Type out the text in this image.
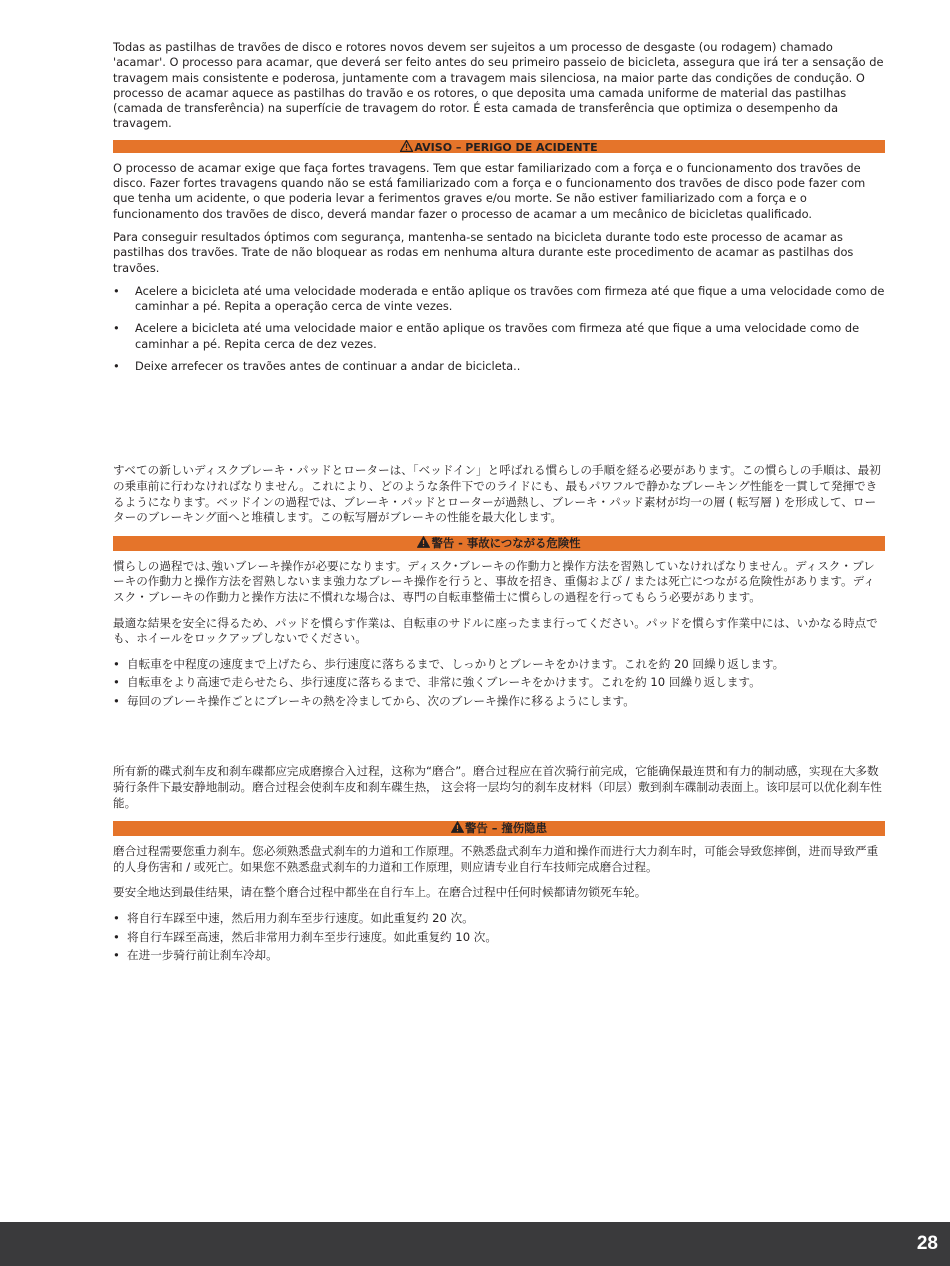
Todas as pastilhas de travões de disco e rotores novos devem ser sujeitos a um processo de desgaste (ou rodagem) chamado 'acamar'. O processo para acamar, que deverá ser feito antes do seu primeiro passeio de bicicleta, assegura que irá ter a sensação de travagem mais consistente e poderosa, juntamente com a travagem mais silenciosa, na maior parte das condições de condução. O processo de acamar aquece as pastilhas do travão e os rotores, o que deposita uma camada uniforme de material das pastilhas (camada de transferência) na superfície de travagem do rotor. É esta camada de transferência que optimiza o desempenho da travagem.

AVISO – PERIGO DE ACIDENTE

O processo de acamar exige que faça fortes travagens. Tem que estar familiarizado com a força e o funcionamento dos travões de disco. Fazer fortes travagens quando não se está familiarizado com a força e o funcionamento dos travões de disco pode fazer com que tenha um acidente, o que poderia levar a ferimentos graves e/ou morte. Se não estiver familiarizado com a força e o funcionamento dos travões de disco, deverá mandar fazer o processo de acamar a um mecânico de bicicletas qualificado.

Para conseguir resultados óptimos com segurança, mantenha-se sentado na bicicleta durante todo este processo de acamar as pastilhas dos travões. Trate de não bloquear as rodas em nenhuma altura durante este procedimento de acamar as pastilhas dos travões.

• Acelere a bicicleta até uma velocidade moderada e então aplique os travões com firmeza até que fique a uma velocidade como de caminhar a pé. Repita a operação cerca de vinte vezes.
• Acelere a bicicleta até uma velocidade maior e então aplique os travões com firmeza até que fique a uma velocidade como de caminhar a pé. Repita cerca de dez vezes.
• Deixe arrefecer os travões antes de continuar a andar de bicicleta..

すべての新しいディスクブレーキ・パッドとローターは、「ベッドイン」と呼ばれる慣らしの手順を経る必要があります。この慣らしの手順は、最初の乗車前に行わなければなりません。これにより、どのような条件下でのライドにも、最もパワフルで静かなブレーキング性能を一貫して発揮できるようになります。ベッドインの過程では、ブレーキ・パッドとローターが過熱し、ブレーキ・パッド素材が均一の層 ( 転写層 ) を形成して、ローターのブレーキング面へと堆積します。この転写層がブレーキの性能を最大化します。

警告 - 事故につながる危険性

慣らしの過程では､強いブレーキ操作が必要になります。ディスク･ブレーキの作動力と操作方法を習熟していなければなりません。ディスク・ブレーキの作動力と操作方法を習熟しないまま強力なブレーキ操作を行うと、事故を招き、重傷および / または死亡につながる危険性があります。ディスク・ブレーキの作動力と操作方法に不慣れな場合は、専門の自転車整備士に慣らしの過程を行ってもらう必要があります。

最適な結果を安全に得るため、パッドを慣らす作業は、自転車のサドルに座ったまま行ってください。パッドを慣らす作業中には、いかなる時点でも、ホイールをロックアップしないでください。

• 自転車を中程度の速度まで上げたら、歩行速度に落ちるまで、しっかりとブレーキをかけます。これを約 20 回繰り返します。
• 自転車をより高速で走らせたら、歩行速度に落ちるまで、非常に強くブレーキをかけます。これを約 10 回繰り返します。
• 毎回のブレーキ操作ごとにブレーキの熱を冷ましてから、次のブレーキ操作に移るようにします。

所有新的碟式刹车皮和刹车碟都应完成磨擦合入过程，这称为“磨合”。磨合过程应在首次骑行前完成，它能确保最连贯和有力的制动感，实现在大多数骑行条件下最安静地制动。磨合过程会使刹车皮和刹车碟生热， 这会将一层均匀的刹车皮材料（印层）敷到刹车碟制动表面上。该印层可以优化刹车性能。

警告 – 撞伤隐患

磨合过程需要您重力刹车。您必须熟悉盘式刹车的力道和工作原理。不熟悉盘式刹车力道和操作而进行大力刹车时，可能会导致您摔倒，进而导致严重的人身伤害和 / 或死亡。如果您不熟悉盘式刹车的力道和工作原理，则应请专业自行车技师完成磨合过程。

要安全地达到最佳结果，请在整个磨合过程中都坐在自行车上。在磨合过程中任何时候都请勿锁死车轮。

• 将自行车踩至中速，然后用力刹车至步行速度。如此重复约 20 次。
• 将自行车踩至高速，然后非常用力刹车至步行速度。如此重复约 10 次。
• 在进一步骑行前让刹车冷却。
28
